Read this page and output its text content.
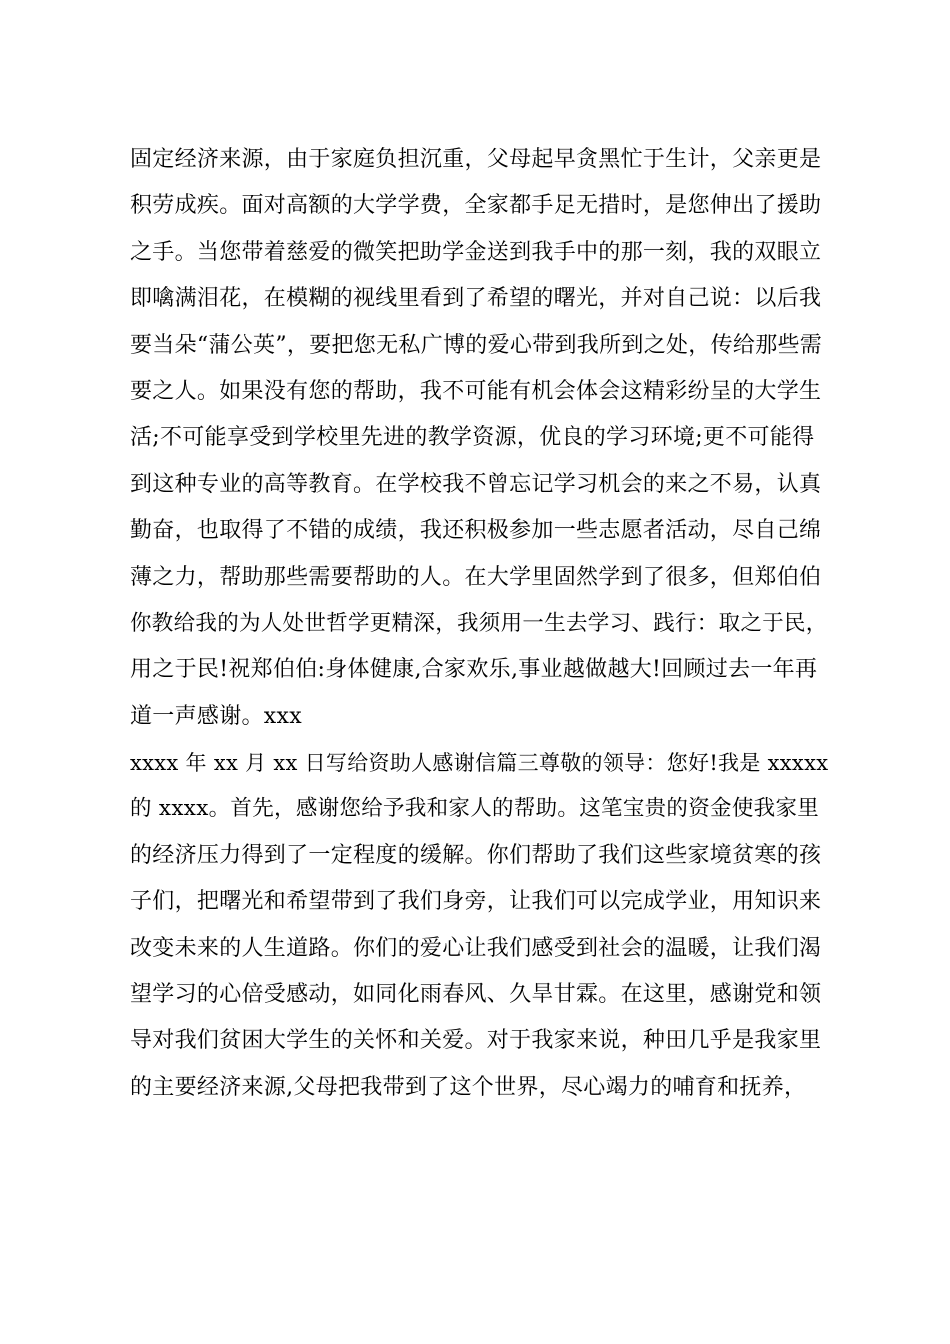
固定经济来源，由于家庭负担沉重，父母起早贪黑忙于生计，父亲更是
积劳成疾。面对高额的大学学费，全家都手足无措时，是您伸出了援助
之手。当您带着慈爱的微笑把助学金送到我手中的那一刻，我的双眼立
即噙满泪花，在模糊的视线里看到了希望的曙光，并对自己说：以后我
要当朵“蒲公英”，要把您无私广博的爱心带到我所到之处，传给那些需
要之人。如果没有您的帮助，我不可能有机会体会这精彩纷呈的大学生
活;不可能享受到学校里先进的教学资源，优良的学习环境;更不可能得
到这种专业的高等教育。在学校我不曾忘记学习机会的来之不易，认真
勤奋，也取得了不错的成绩，我还积极参加一些志愿者活动，尽自己绵
薄之力，帮助那些需要帮助的人。在大学里固然学到了很多，但郑伯伯
你教给我的为人处世哲学更精深，我须用一生去学习、践行：取之于民，
用之于民!祝郑伯伯:身体健康,合家欢乐,事业越做越大!回顾过去一年再
道一声感谢。xxx
xxxx 年 xx 月 xx 日写给资助人感谢信篇三尊敬的领导：您好!我是 xxxxx
的 xxxx。首先，感谢您给予我和家人的帮助。这笔宝贵的资金使我家里
的经济压力得到了一定程度的缓解。你们帮助了我们这些家境贫寒的孩
子们，把曙光和希望带到了我们身旁，让我们可以完成学业，用知识来
改变未来的人生道路。你们的爱心让我们感受到社会的温暖，让我们渴
望学习的心倍受感动，如同化雨春风、久旱甘霖。在这里，感谢党和领
导对我们贫困大学生的关怀和关爱。对于我家来说，种田几乎是我家里
的主要经济来源,父母把我带到了这个世界，尽心竭力的哺育和抚养，
